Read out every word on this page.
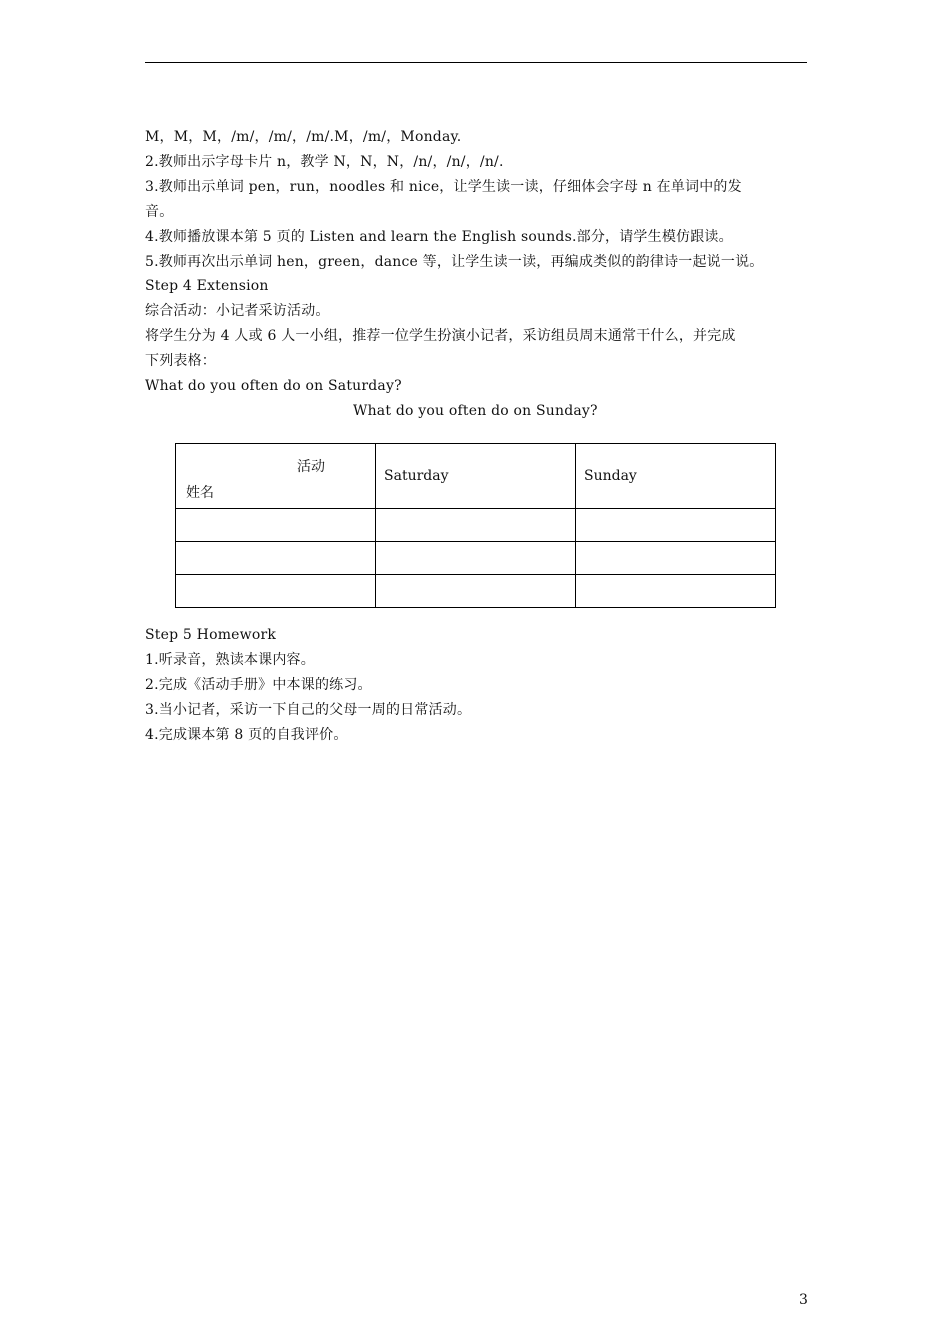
M，M，M，/m/，/m/，/m/.M，/m/，Monday.
2.教师出示字母卡片 n，教学 N，N，N，/n/，/n/，/n/.
3.教师出示单词 pen，run，noodles 和 nice，让学生读一读，仔细体会字母 n 在单词中的发
音。
4.教师播放课本第 5 页的 Listen and learn the English sounds.部分，请学生模仿跟读。
5.教师再次出示单词 hen，green，dance 等，让学生读一读，再编成类似的韵律诗一起说一说。
Step 4 Extension
综合活动：小记者采访活动。
将学生分为 4 人或 6 人一小组，推荐一位学生扮演小记者，采访组员周末通常干什么，并完成
下列表格：
What do you often do on Saturday?
What do you often do on Sunday?
活动
姓名	Saturday	Sunday

Step 5 Homework
1.听录音，熟读本课内容。
2.完成《活动手册》中本课的练习。
3.当小记者，采访一下自己的父母一周的日常活动。
4.完成课本第 8 页的自我评价。
3
